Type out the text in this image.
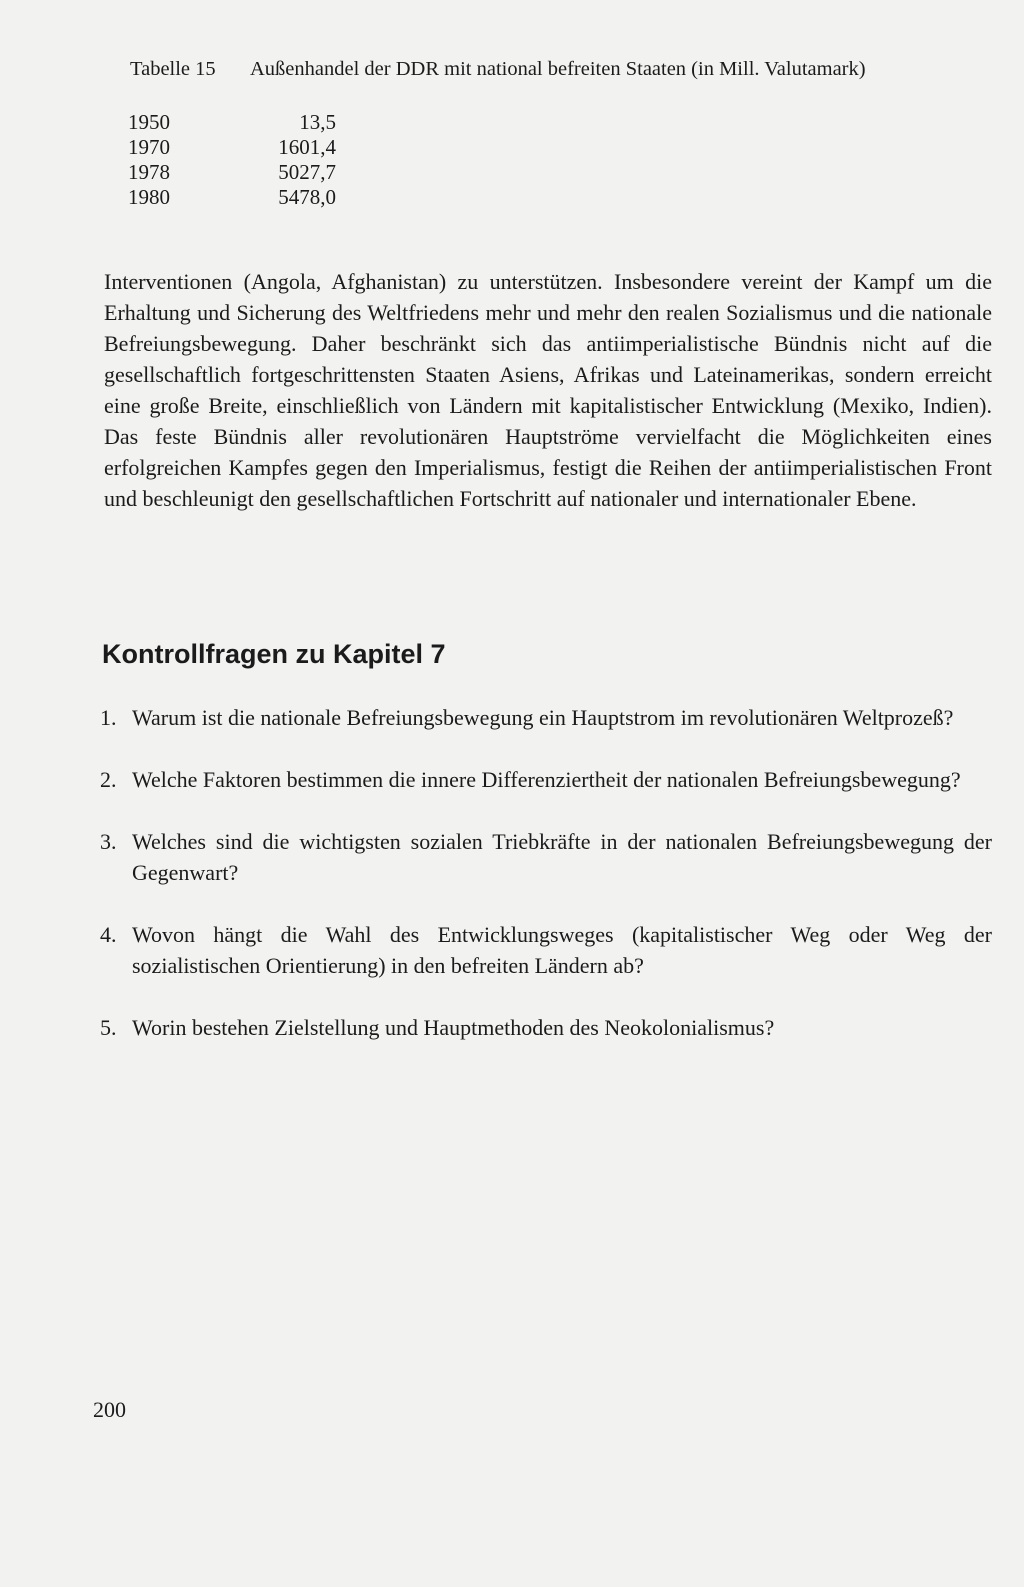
Tabelle 15 Außenhandel der DDR mit national befreiten Staaten (in Mill. Valutamark)
1950	13,5
1970	1601,4
1978	5027,7
1980	5478,0

Interventionen (Angola, Afghanistan) zu unterstützen. Insbesondere vereint der Kampf um die Erhaltung und Sicherung des Weltfriedens mehr und mehr den realen Sozialismus und die nationale Befreiungsbewegung. Daher beschränkt sich das antiimperialistische Bündnis nicht auf die gesellschaftlich fortgeschrittensten Staaten Asiens, Afrikas und Lateinamerikas, sondern erreicht eine große Breite, einschließlich von Ländern mit kapitalistischer Entwicklung (Mexiko, Indien). Das feste Bündnis aller revolutionären Hauptströme vervielfacht die Möglichkeiten eines erfolgreichen Kampfes gegen den Imperialismus, festigt die Reihen der antiimperialistischen Front und beschleunigt den gesellschaftlichen Fortschritt auf nationaler und internationaler Ebene.

Kontrollfragen zu Kapitel 7
1. Warum ist die nationale Befreiungsbewegung ein Hauptstrom im revolutionären Weltprozeß?
2. Welche Faktoren bestimmen die innere Differenziertheit der nationalen Befreiungsbewegung?
3. Welches sind die wichtigsten sozialen Triebkräfte in der nationalen Befreiungsbewegung der Gegenwart?
4. Wovon hängt die Wahl des Entwicklungsweges (kapitalistischer Weg oder Weg der sozialistischen Orientierung) in den befreiten Ländern ab?
5. Worin bestehen Zielstellung und Hauptmethoden des Neokolonialismus?
200
